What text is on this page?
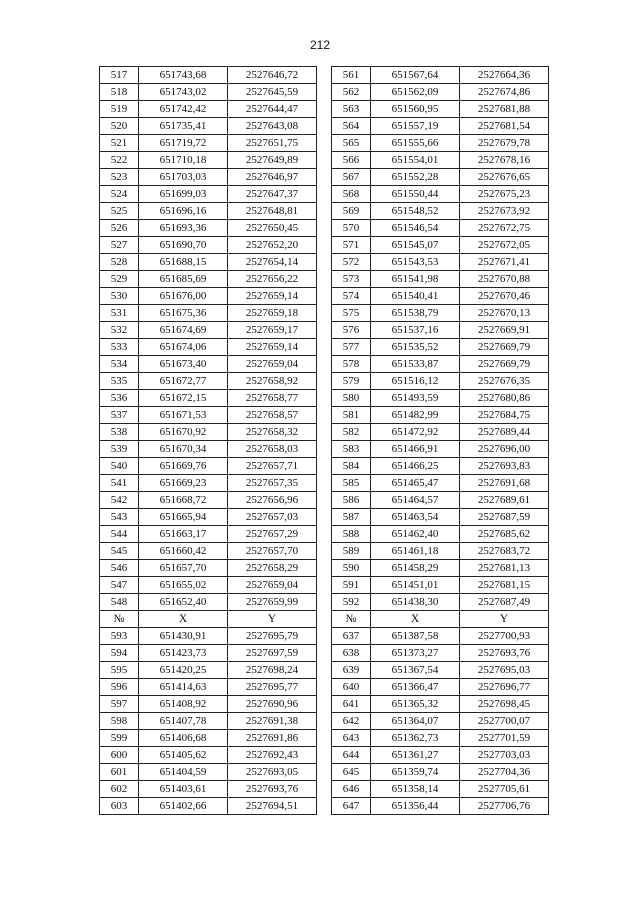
212
517	651743,68	2527646,72		561	651567,64	2527664,36
518	651743,02	2527645,59		562	651562,09	2527674,86
519	651742,42	2527644,47		563	651560,95	2527681,88
520	651735,41	2527643,08		564	651557,19	2527681,54
521	651719,72	2527651,75		565	651555,66	2527679,78
522	651710,18	2527649,89		566	651554,01	2527678,16
523	651703,03	2527646,97		567	651552,28	2527676,65
524	651699,03	2527647,37		568	651550,44	2527675,23
525	651696,16	2527648,81		569	651548,52	2527673,92
526	651693,36	2527650,45		570	651546,54	2527672,75
527	651690,70	2527652,20		571	651545,07	2527672,05
528	651688,15	2527654,14		572	651543,53	2527671,41
529	651685,69	2527656,22		573	651541,98	2527670,88
530	651676,00	2527659,14		574	651540,41	2527670,46
531	651675,36	2527659,18		575	651538,79	2527670,13
532	651674,69	2527659,17		576	651537,16	2527669,91
533	651674,06	2527659,14		577	651535,52	2527669,79
534	651673,40	2527659,04		578	651533,87	2527669,79
535	651672,77	2527658,92		579	651516,12	2527676,35
536	651672,15	2527658,77		580	651493,59	2527680,86
537	651671,53	2527658,57		581	651482,99	2527684,75
538	651670,92	2527658,32		582	651472,92	2527689,44
539	651670,34	2527658,03		583	651466,91	2527696,00
540	651669,76	2527657,71		584	651466,25	2527693,83
541	651669,23	2527657,35		585	651465,47	2527691,68
542	651668,72	2527656,96		586	651464,57	2527689,61
543	651665,94	2527657,03		587	651463,54	2527687,59
544	651663,17	2527657,29		588	651462,40	2527685,62
545	651660,42	2527657,70		589	651461,18	2527683,72
546	651657,70	2527658,29		590	651458,29	2527681,13
547	651655,02	2527659,04		591	651451,01	2527681,15
548	651652,40	2527659,99		592	651438,30	2527687,49
№	X	Y		№	X	Y
593	651430,91	2527695,79		637	651387,58	2527700,93
594	651423,73	2527697,59		638	651373,27	2527693,76
595	651420,25	2527698,24		639	651367,54	2527695,03
596	651414,63	2527695,77		640	651366,47	2527696,77
597	651408,92	2527690,96		641	651365,32	2527698,45
598	651407,78	2527691,38		642	651364,07	2527700,07
599	651406,68	2527691,86		643	651362,73	2527701,59
600	651405,62	2527692,43		644	651361,27	2527703,03
601	651404,59	2527693,05		645	651359,74	2527704,36
602	651403,61	2527693,76		646	651358,14	2527705,61
603	651402,66	2527694,51		647	651356,44	2527706,76
